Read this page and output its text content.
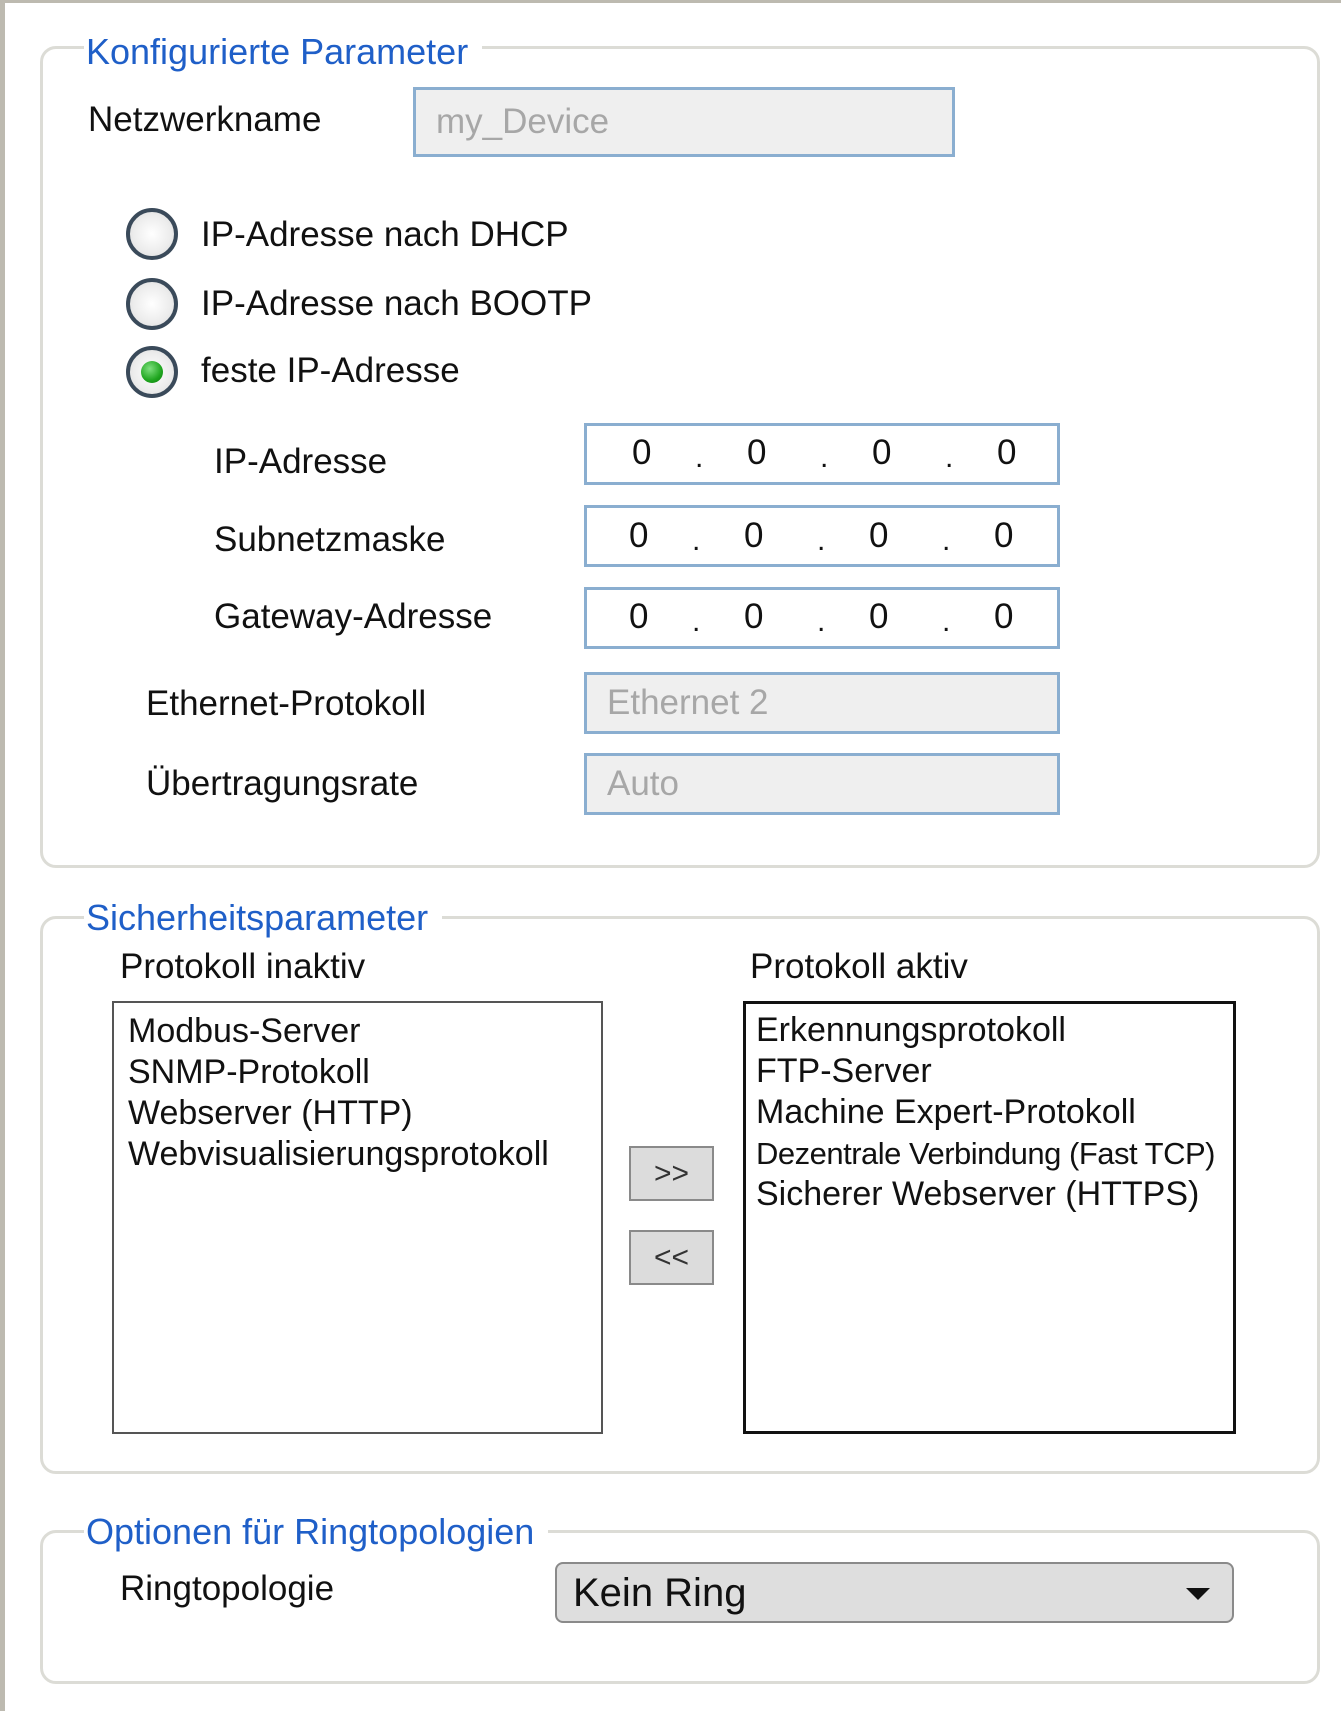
Konfigurierte Parameter
Netzwerkname	my_Device
IP-Adresse nach DHCP
IP-Adresse nach BOOTP
feste IP-Adresse
IP-Adresse	0 . 0 . 0 . 0
Subnetzmaske	0 . 0 . 0 . 0
Gateway-Adresse	0 . 0 . 0 . 0
Ethernet-Protokoll	Ethernet 2
Übertragungsrate	Auto
Sicherheitsparameter
Protokoll inaktiv	Protokoll aktiv
Modbus-Server
SNMP-Protokoll
Webserver (HTTP)
Webvisualisierungsprotokoll	>>
<<
Erkennungsprotokoll
FTP-Server
Machine Expert-Protokoll
Dezentrale Verbindung (Fast TCP)
Sicherer Webserver (HTTPS)
Optionen für Ringtopologien
Ringtopologie	Kein Ring
